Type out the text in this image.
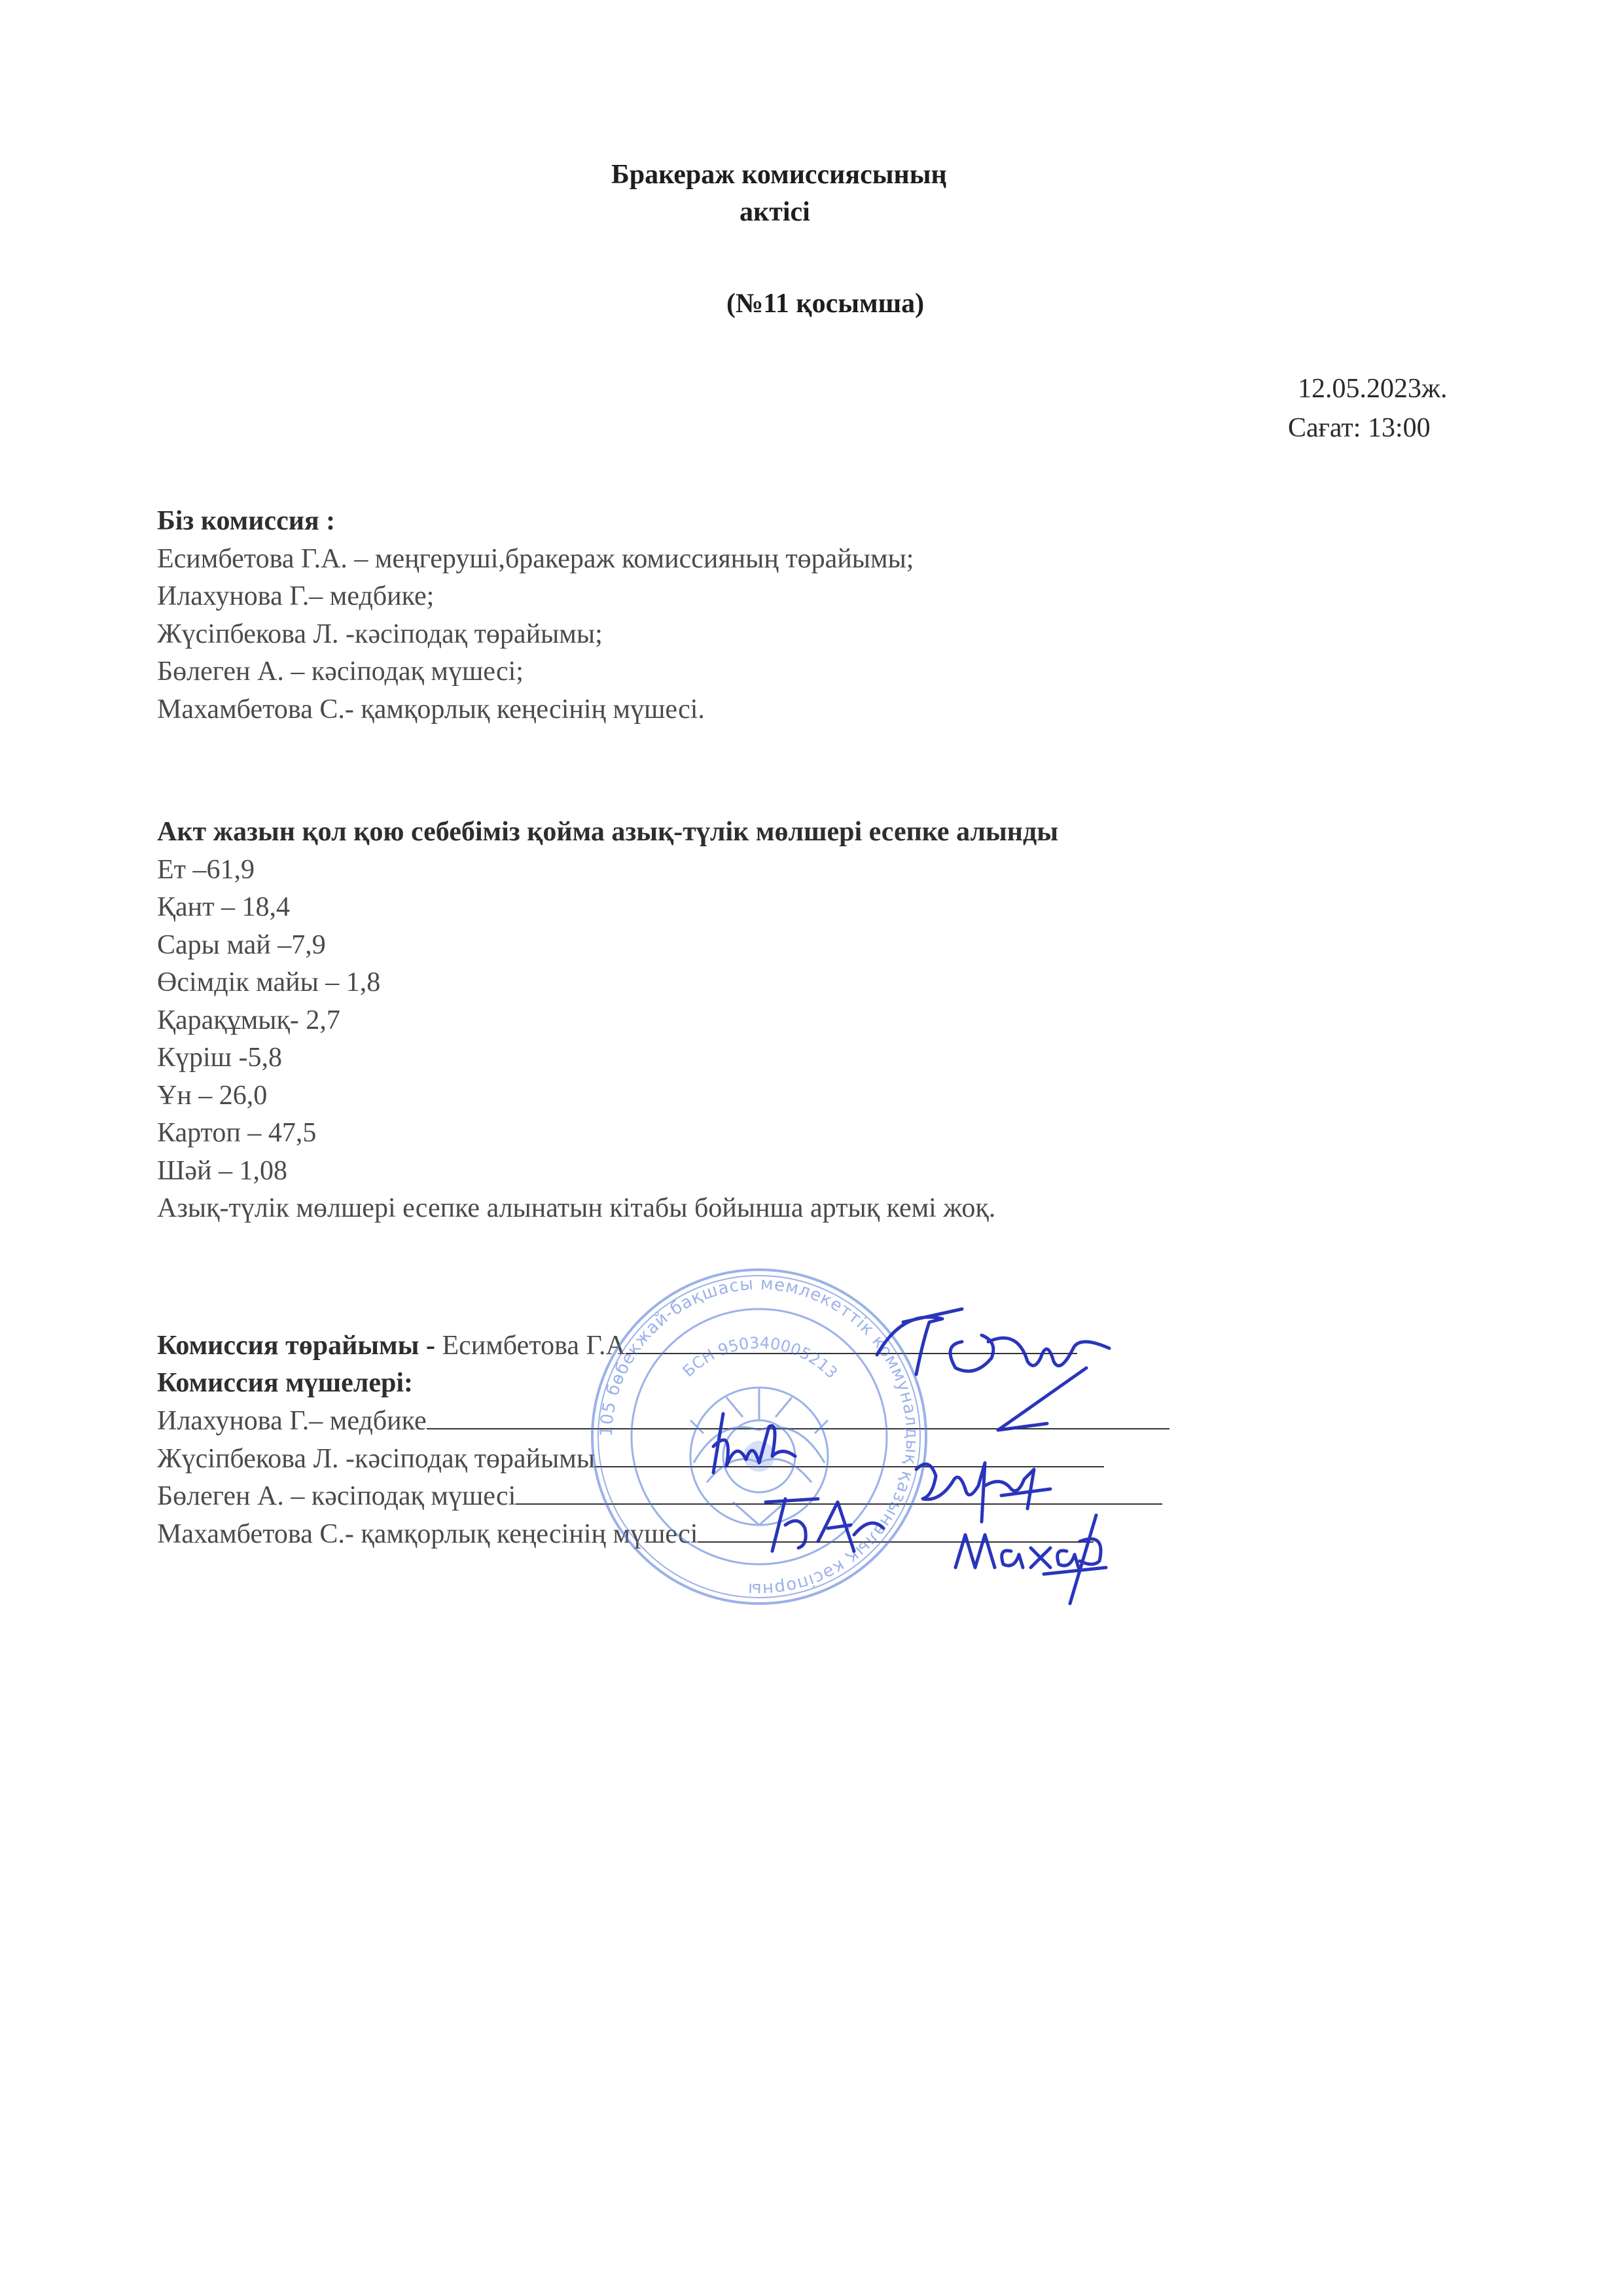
Бракераж комиссиясының
актісі
(№11 қосымша)
12.05.2023ж.
Сағат: 13:00
Біз комиссия :
Есимбетова Г.А. – меңгеруші,бракераж комиссияның төрайымы;
Илахунова Г.– медбике;
Жүсіпбекова Л. -кәсіподақ төрайымы;
Бөлеген А. – кәсіподақ мүшесі;
Махамбетова С.- қамқорлық кеңесінің мүшесі.
Акт жазын қол қою себебіміз қойма азық-түлік мөлшері есепке алынды
Ет –61,9
Қант – 18,4
Сары май –7,9
Өсімдік майы – 1,8
Қарақұмық- 2,7
Күріш -5,8
Ұн – 26,0
Картоп – 47,5
Шәй – 1,08
Азық-түлік мөлшері есепке алынатын кітабы бойынша артық кемі жоқ.
Комиссия төрайымы - Есимбетова Г.А
Комиссия мүшелері:
Илахунова Г.– медбике
Жүсіпбекова Л. -кәсіподақ төрайымы
Бөлеген А. – кәсіподақ мүшесі
Махамбетова С.- қамқорлық кеңесінің мүшесі
105 бөбекжай-бақшасы мемлекеттік коммуналдық қазыналық кәсіпорны
БСН 950340005213
